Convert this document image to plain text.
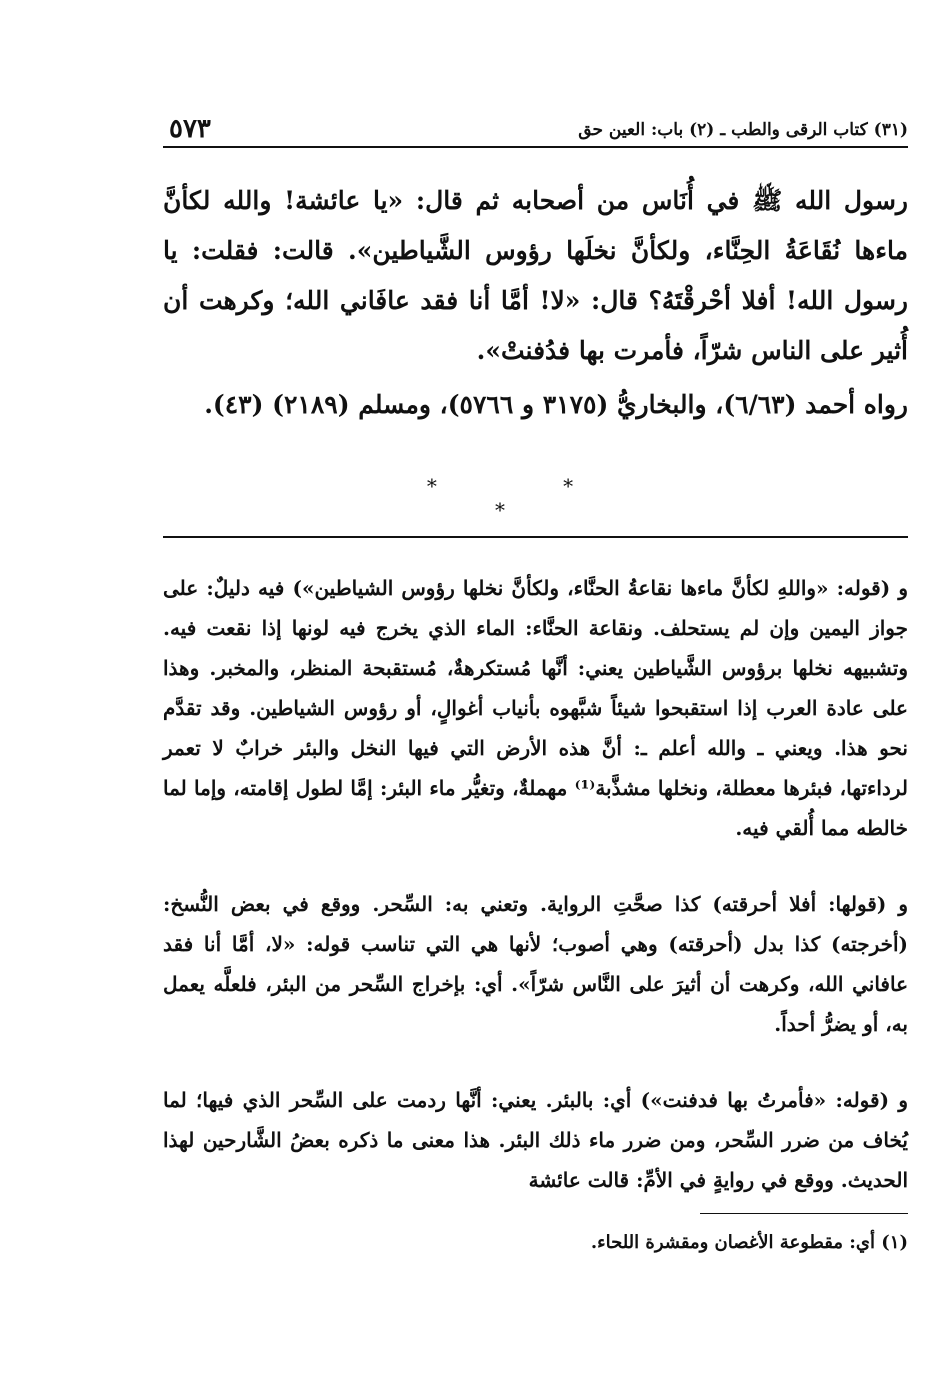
٥٧٣	(٣١) كتاب الرقى والطب ـ (٢) باب: العين حق

رسول الله ﷺ في أُنَاس من أصحابه ثم قال: «يا عائشة! والله لكأنَّ ماءها نُقَاعَةُ الحِنَّاء، ولكأنَّ نخلَها رؤوس الشَّياطين». قالت: فقلت: يا رسول الله! أفلا أحْرقْتَهُ؟ قال: «لا! أمَّا أنا فقد عافَاني الله؛ وكرهت أن أُثير على الناس شرّاً، فأمرت بها فدُفنتْ».

رواه أحمد (٦/٦٣)، والبخاريُّ (٣١٧٥ و ٥٧٦٦)، ومسلم (٢١٨٩) (٤٣).

* * *

و (قوله: «واللهِ لكأنَّ ماءها نقاعةُ الحنَّاء، ولكأنَّ نخلها رؤوس الشياطين») فيه دليلٌ: على جواز اليمين وإن لم يستحلف. ونقاعة الحنَّاء: الماء الذي يخرج فيه لونها إذا نقعت فيه. وتشبيهه نخلها برؤوس الشَّياطين يعني: أنَّها مُستكرهةٌ، مُستقبحة المنظر، والمخبر. وهذا على عادة العرب إذا استقبحوا شيئاً شبَّهوه بأنياب أغوالٍ، أو رؤوس الشياطين. وقد تقدَّم نحو هذا. ويعني ـ والله أعلم ـ: أنَّ هذه الأرض التي فيها النخل والبئر خرابٌ لا تعمر لرداءتها، فبئرها معطلة، ونخلها مشذَّبة⁽¹⁾ مهملةٌ، وتغيُّر ماء البئر: إمَّا لطول إقامته، وإما لما خالطه مما أُلقي فيه.

و (قولها: أفلا أحرقته) كذا صحَّتِ الرواية. وتعني به: السِّحر. ووقع في بعض النُّسخ: (أخرجته) كذا بدل (أحرقته) وهي أصوب؛ لأنها هي التي تناسب قوله: «لا، أمَّا أنا فقد عافاني الله، وكرهت أن أثيرَ على النَّاس شرّاً». أي: بإخراج السِّحر من البئر، فلعلَّه يعمل به، أو يضرُّ أحداً.

و (قوله: «فأمرتُ بها فدفنت») أي: بالبئر. يعني: أنَّها ردمت على السِّحر الذي فيها؛ لما يُخاف من ضرر السِّحر، ومن ضرر ماء ذلك البئر. هذا معنى ما ذكره بعضُ الشَّارحين لهذا الحديث. ووقع في روايةٍ في الأمِّ: قالت عائشة

(١) أي: مقطوعة الأغصان ومقشرة اللحاء.
